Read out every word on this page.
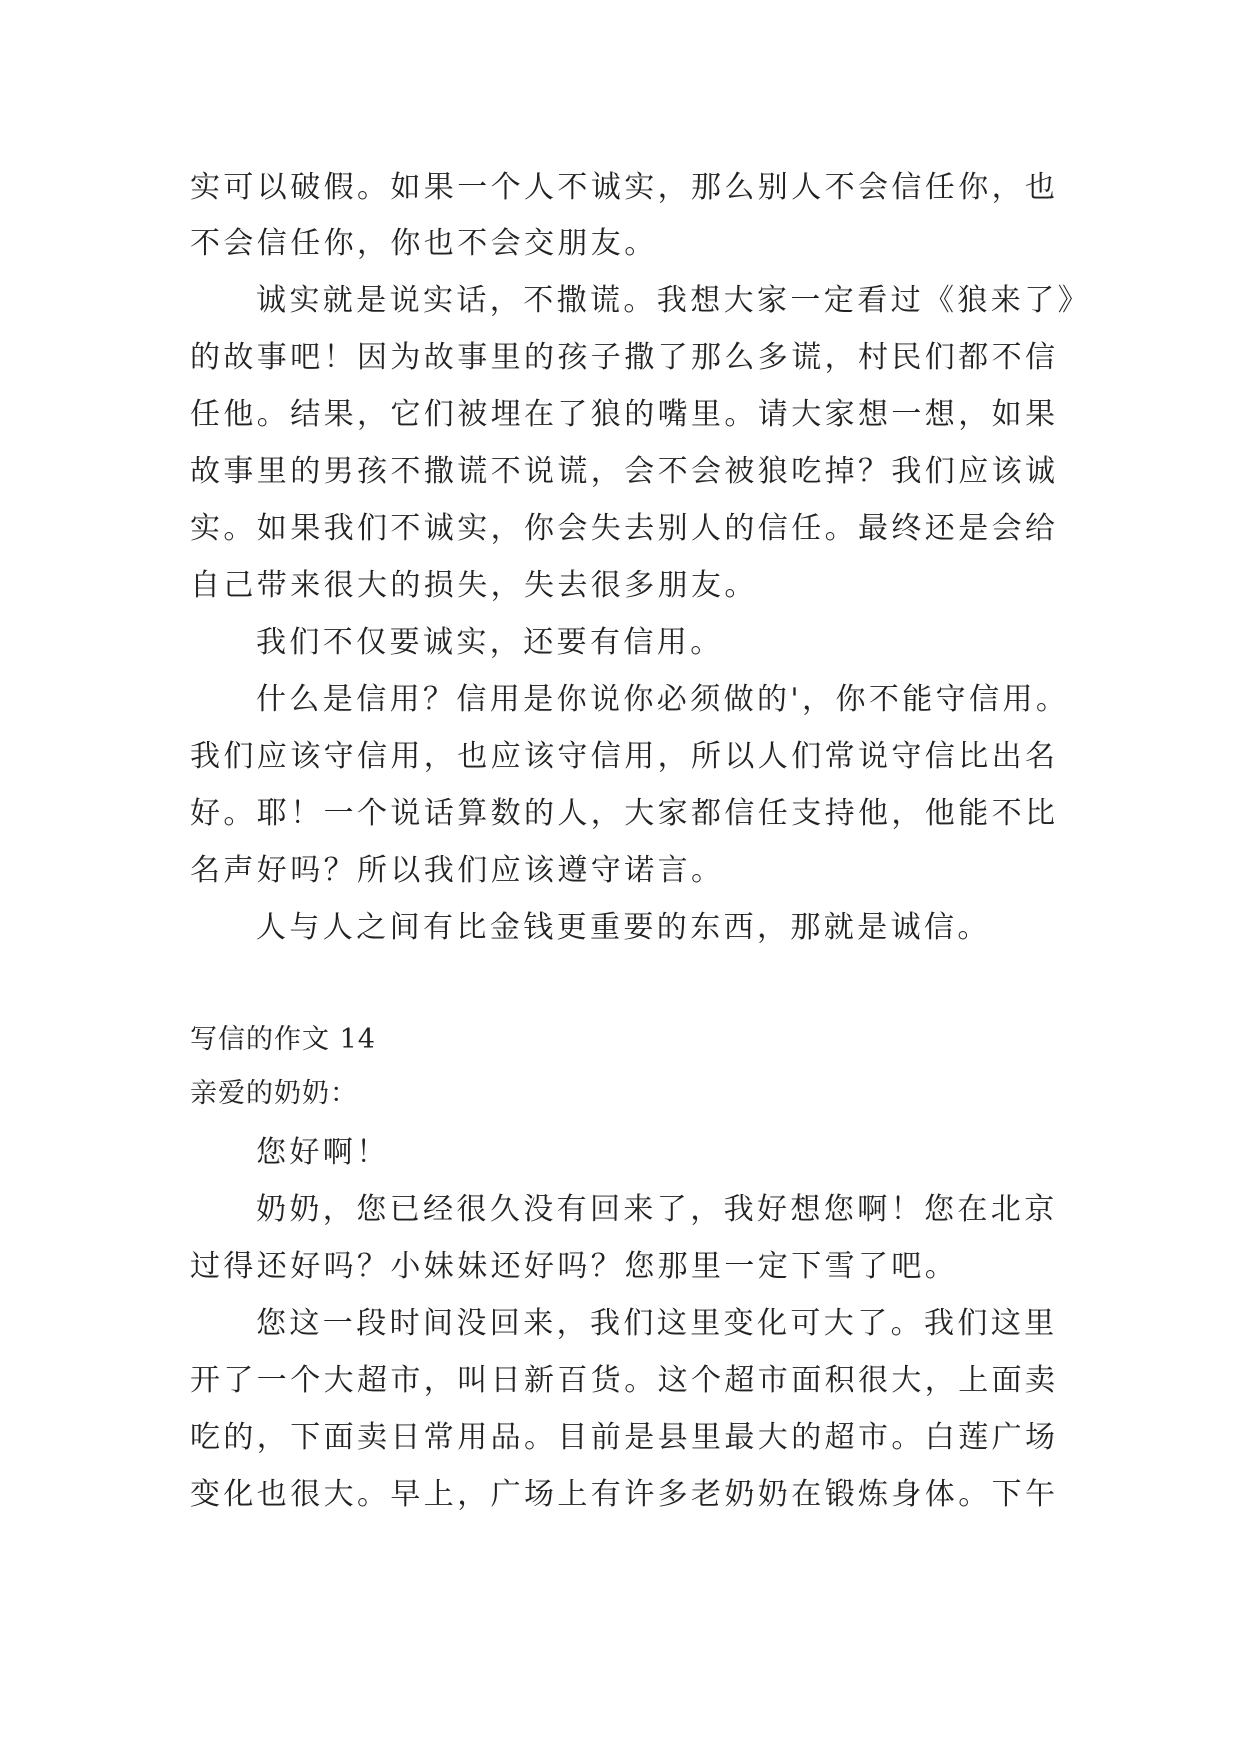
实可以破假。如果一个人不诚实，那么别人不会信任你，也
不会信任你，你也不会交朋友。
诚实就是说实话，不撒谎。我想大家一定看过《狼来了》
的故事吧！因为故事里的孩子撒了那么多谎，村民们都不信
任他。结果，它们被埋在了狼的嘴里。请大家想一想，如果
故事里的男孩不撒谎不说谎，会不会被狼吃掉？我们应该诚
实。如果我们不诚实，你会失去别人的信任。最终还是会给
自己带来很大的损失，失去很多朋友。
我们不仅要诚实，还要有信用。
什么是信用？信用是你说你必须做的'，你不能守信用。
我们应该守信用，也应该守信用，所以人们常说守信比出名
好。耶！一个说话算数的人，大家都信任支持他，他能不比
名声好吗？所以我们应该遵守诺言。
人与人之间有比金钱更重要的东西，那就是诚信。
写信的作文 14
亲爱的奶奶：
您好啊！
奶奶，您已经很久没有回来了，我好想您啊！您在北京
过得还好吗？小妹妹还好吗？您那里一定下雪了吧。
您这一段时间没回来，我们这里变化可大了。我们这里
开了一个大超市，叫日新百货。这个超市面积很大，上面卖
吃的，下面卖日常用品。目前是县里最大的超市。白莲广场
变化也很大。早上，广场上有许多老奶奶在锻炼身体。下午
